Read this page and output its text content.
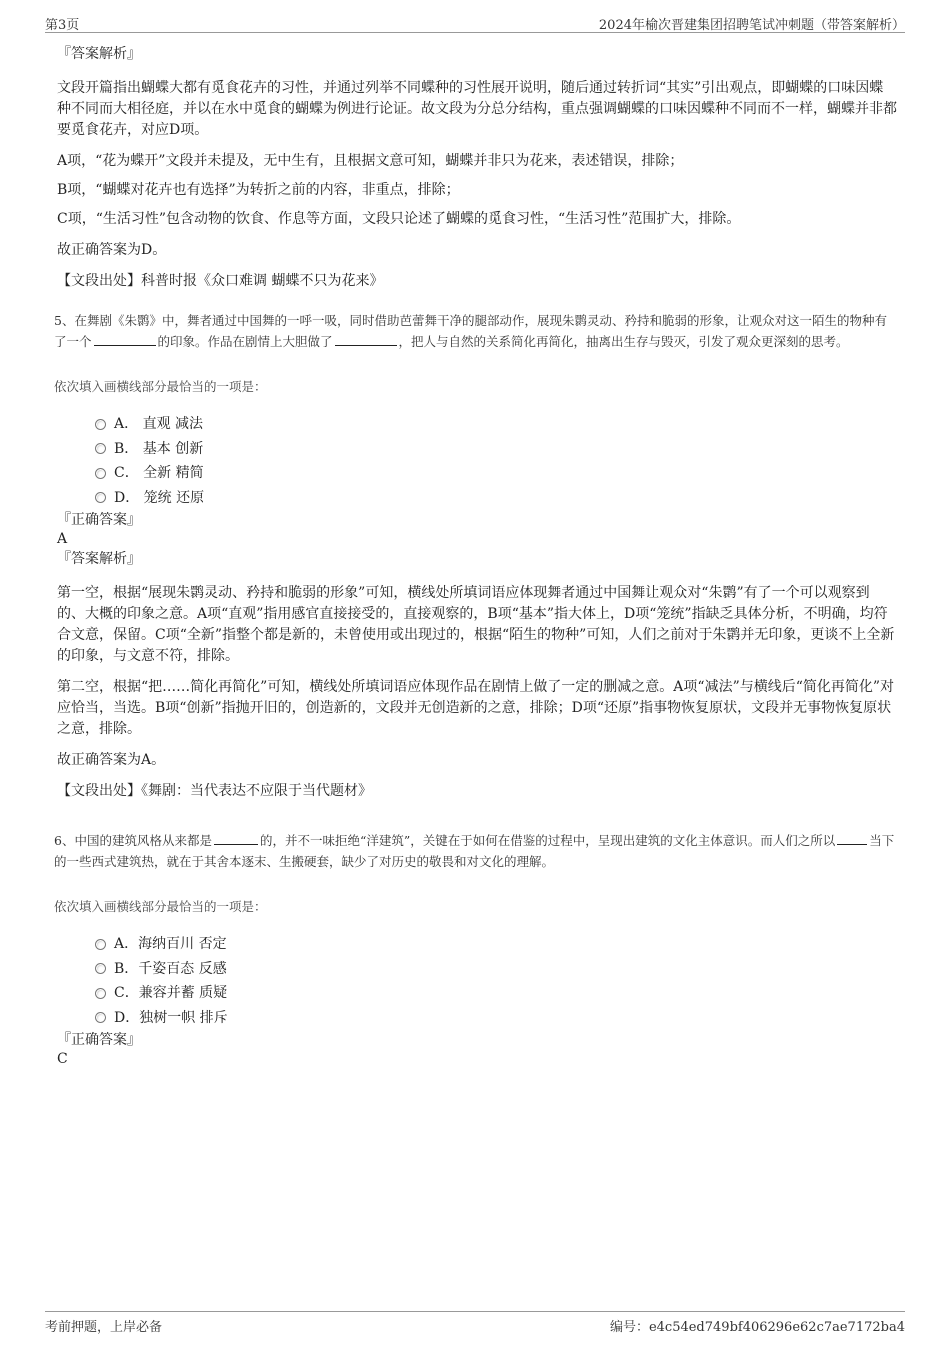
第3页	2024年榆次晋建集团招聘笔试冲刺题（带答案解析）
『答案解析』

文段开篇指出蝴蝶大都有觅食花卉的习性，并通过列举不同蝶种的习性展开说明，随后通过转折词“其实”引出观点，即蝴蝶的口味因蝶种不同而大相径庭，并以在水中觅食的蝴蝶为例进行论证。故文段为分总分结构，重点强调蝴蝶的口味因蝶种不同而不一样，蝴蝶并非都要觅食花卉，对应D项。

A项，“花为蝶开”文段并未提及，无中生有，且根据文意可知，蝴蝶并非只为花来，表述错误，排除；

B项，“蝴蝶对花卉也有选择”为转折之前的内容，非重点，排除；

C项，“生活习性”包含动物的饮食、作息等方面，文段只论述了蝴蝶的觅食习性，“生活习性”范围扩大，排除。

故正确答案为D。

【文段出处】科普时报《众口难调 蝴蝶不只为花来》

5、在舞剧《朱鹮》中，舞者通过中国舞的一呼一吸，同时借助芭蕾舞干净的腿部动作，展现朱鹮灵动、矜持和脆弱的形象，让观众对这一陌生的物种有了一个	的印象。作品在剧情上大胆做了	，把人与自然的关系简化再简化，抽离出生存与毁灭，引发了观众更深刻的思考。

依次填入画横线部分最恰当的一项是：
A． 直观 减法
B． 基本 创新
C． 全新 精简
D． 笼统 还原
『正确答案』
A
『答案解析』

第一空，根据“展现朱鹮灵动、矜持和脆弱的形象”可知，横线处所填词语应体现舞者通过中国舞让观众对“朱鹮”有了一个可以观察到的、大概的印象之意。A项“直观”指用感官直接接受的，直接观察的，B项“基本”指大体上，D项“笼统”指缺乏具体分析，不明确，均符合文意，保留。C项“全新”指整个都是新的，未曾使用或出现过的，根据“陌生的物种”可知，人们之前对于朱鹮并无印象，更谈不上全新的印象，与文意不符，排除。

第二空，根据“把……简化再简化”可知，横线处所填词语应体现作品在剧情上做了一定的删减之意。A项“减法”与横线后“简化再简化”对应恰当，当选。B项“创新”指抛开旧的，创造新的，文段并无创造新的之意，排除；D项“还原”指事物恢复原状，文段并无事物恢复原状之意，排除。

故正确答案为A。

【文段出处】《舞剧：当代表达不应限于当代题材》

6、中国的建筑风格从来都是	的，并不一味拒绝“洋建筑”，关键在于如何在借鉴的过程中，呈现出建筑的文化主体意识。而人们之所以	当下的一些西式建筑热，就在于其舍本逐末、生搬硬套，缺少了对历史的敬畏和对文化的理解。

依次填入画横线部分最恰当的一项是：
A．海纳百川 否定
B．千姿百态 反感
C．兼容并蓄 质疑
D．独树一帜 排斥
『正确答案』
C
考前押题，上岸必备	编号：e4c54ed749bf406296e62c7ae7172ba4
